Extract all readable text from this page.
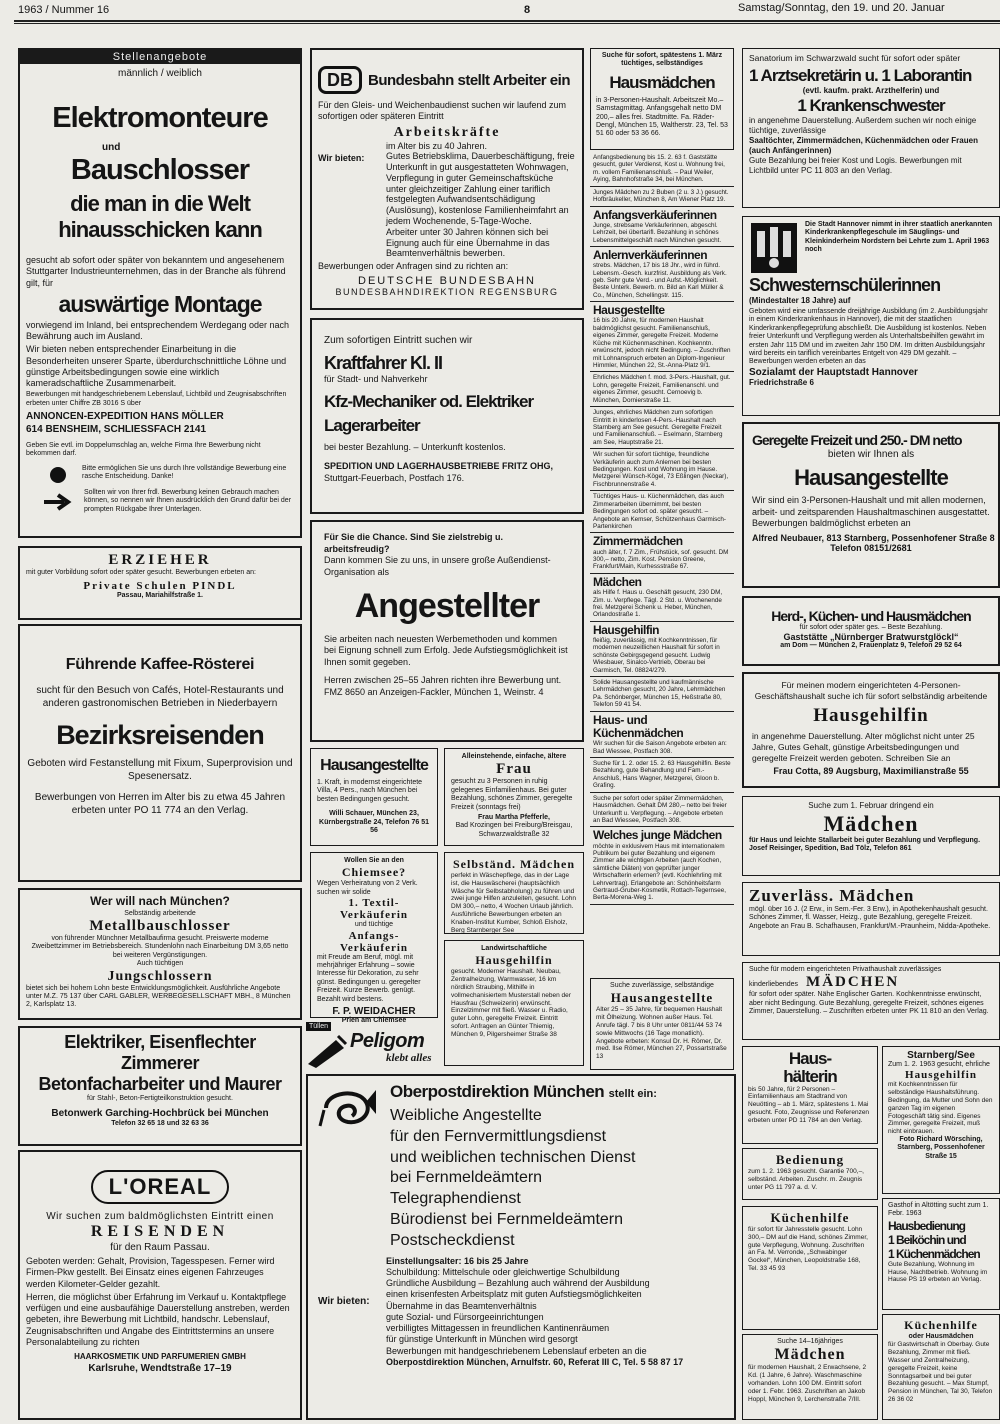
1963 / Nummer 16	8	Samstag/Sonntag, den 19. und 20. Januar
Stellenangebote
männlich / weiblich
Elektromonteure
und
Bauschlosser
die man in die Welt
hinausschicken kann
gesucht ab sofort oder später von bekanntem und angesehenem Stuttgarter Industrieunternehmen, das in der Branche als führend gilt, für
auswärtige Montage
vorwiegend im Inland, bei entsprechendem Werdegang oder nach Bewährung auch im Ausland.
Wir bieten neben entsprechender Einarbeitung in die Besonderheiten unserer Sparte, überdurchschnittliche Löhne und günstige Arbeitsbedingungen sowie eine wirklich kameradschaftliche Zusammenarbeit.
Bewerbungen mit handgeschriebenem Lebenslauf, Lichtbild und Zeugnisabschriften erbeten unter Chiffre ZB 3016 S über
ANNONCEN-EXPEDITION HANS MÖLLER
614 BENSHEIM, SCHLIESSFACH 2141
Geben Sie evtl. im Doppelumschlag an, welche Firma Ihre Bewerbung nicht bekommen darf.
Bitte ermöglichen Sie uns durch Ihre vollständige Bewerbung eine rasche Entscheidung. Danke!
Sollten wir von Ihrer frdl. Bewerbung keinen Gebrauch machen können, so nennen wir Ihnen ausdrücklich den Grund dafür bei der prompten Rückgabe Ihrer Unterlagen.
ERZIEHER
mit guter Vorbildung sofort oder später gesucht. Bewerbungen erbeten an:
Private Schulen PINDL
Passau, Mariahilfstraße 1.
Führende Kaffee-Rösterei
sucht für den Besuch von Cafés, Hotel-Restaurants und anderen gastronomischen Betrieben in Niederbayern
Bezirksreisenden
Geboten wird Festanstellung mit Fixum, Superprovision und Spesenersatz.
Bewerbungen von Herren im Alter bis zu etwa 45 Jahren erbeten unter PO 11 774 an den Verlag.
Wer will nach München?
Selbständig arbeitende
Metallbauschlosser
von führender Münchner Metallbaufirma gesucht. Preiswerte moderne Zweibettzimmer im Betriebsbereich. Stundenlohn nach Einarbeitung DM 3,65 netto bei weiteren Vergünstigungen.
Auch tüchtigen
Jungschlossern
bietet sich bei hohem Lohn beste Entwicklungsmöglichkeit. Ausführliche Angebote unter M.Z. 75 137 über CARL GABLER, WERBEGESELLSCHAFT MBH., 8 München 2, Karlsplatz 13.
Elektriker, Eisenflechter
Zimmerer
Betonfacharbeiter und Maurer
für Stahl-, Beton-Fertigteilkonstruktion gesucht.
Betonwerk Garching-Hochbrück bei München
Telefon 32 65 18 und 32 63 36
L'OREAL
Wir suchen zum baldmöglichsten Eintritt einen
REISENDEN
für den Raum Passau.
Geboten werden: Gehalt, Provision, Tagesspesen. Ferner wird Firmen-Pkw gestellt. Bei Einsatz eines eigenen Fahrzeuges werden Kilometer-Gelder gezahlt.
Herren, die möglichst über Erfahrung im Verkauf u. Kontaktpflege verfügen und eine ausbaufähige Dauerstellung anstreben, werden gebeten, ihre Bewerbung mit Lichtbild, handschr. Lebenslauf, Zeugnisabschriften und Angabe des Eintrittstermins an unsere Personalabteilung zu richten
HAARKOSMETIK UND PARFUMERIEN GMBH
Karlsruhe, Wendtstraße 17–19
DB	Bundesbahn stellt Arbeiter ein
Für den Gleis- und Weichenbaudienst suchen wir laufend zum sofortigen oder späteren Eintritt
Arbeitskräfte
Wir bieten:
im Alter bis zu 40 Jahren.
Gutes Betriebsklima, Dauerbeschäftigung, freie Unterkunft in gut ausgestatteten Wohnwagen, Verpflegung in guter Gemeinschaftsküche unter gleichzeitiger Zahlung einer tariflich festgelegten Aufwandsentschädigung (Auslösung), kostenlose Familienheimfahrt an jedem Wochenende, 5-Tage-Woche.
Arbeiter unter 30 Jahren können sich bei Eignung auch für eine Übernahme in das Beamtenverhältnis bewerben.
Bewerbungen oder Anfragen sind zu richten an:
DEUTSCHE BUNDESBAHN
BUNDESBAHNDIREKTION REGENSBURG
Zum sofortigen Eintritt suchen wir
Kraftfahrer Kl. II
für Stadt- und Nahverkehr
Kfz-Mechaniker od. Elektriker
Lagerarbeiter
bei bester Bezahlung. – Unterkunft kostenlos.
SPEDITION UND LAGERHAUSBETRIEBE FRITZ OHG,
Stuttgart-Feuerbach, Postfach 176.
Für Sie die Chance. Sind Sie zielstrebig u. arbeitsfreudig?
Dann kommen Sie zu uns, in unsere große Außendienst-Organisation als
Angestellter
Sie arbeiten nach neuesten Werbemethoden und kommen bei Eignung schnell zum Erfolg. Jede Aufstiegsmöglichkeit ist Ihnen somit gegeben.
Herren zwischen 25–55 Jahren richten ihre Bewerbung unt. FMZ 8650 an Anzeigen-Fackler, München 1, Weinstr. 4
Hausangestellte
1. Kraft, in modernst eingerichtete Villa, 4 Pers., nach München bei besten Bedingungen gesucht.
Willi Schauer, München 23, Kürnbergstraße 24, Telefon 76 51 56
Alleinstehende, einfache, ältere
Frau
gesucht zu 3 Personen in ruhig gelegenes Einfamilienhaus. Bei guter Bezahlung, schönes Zimmer, geregelte Freizeit (sonntags frei)
Frau Martha Pfefferle,
Bad Krozingen bei Freiburg/Breisgau, Schwarzwaldstraße 32
Wollen Sie an den
Chiemsee?
Wegen Verheiratung von 2 Verk. suchen wir solide
1. Textil-Verkäuferin
und tüchtige
Anfangs-Verkäuferin
mit Freude am Beruf, mögl. mit mehrjähriger Erfahrung – sowie Interesse für Dekoration, zu sehr günst. Bedingungen u. geregelter Freizeit. Kurze Bewerb. genügt. Bezahlt wird bestens.
F. P. WEIDACHER
Prien am Chiemsee
Selbständ. Mädchen
perfekt in Wäschepflege, das in der Lage ist, die Hauswäscherei (hauptsächlich Wäsche für Selbstabholung) zu führen und zwei junge Hilfen anzuleiten, gesucht. Lohn DM 300,– netto, 4 Wochen Urlaub jährlich. Ausführliche Bewerbungen erbeten an Knaben-Institut Kumber, Schloß Elsholz, Berg Starnberger See
Landwirtschaftliche
Hausgehilfin
gesucht. Moderner Haushalt. Neubau, Zentralheizung, Warmwasser, 16 km nördlich Straubing, Mithilfe in vollmechanisiertem Musterstall neben der Hausfrau (Schweizerin) erwünscht. Einzelzimmer mit fließ. Wasser u. Radio, guter Lohn, geregelte Freizeit. Eintritt sofort. Anfragen an Günter Thiemig, München 9, Pilgersheimer Straße 38
Tüllen
Peligom
klebt alles
Suche für sofort, spätestens 1. März tüchtiges, selbständiges
Hausmädchen
in 3-Personen-Haushalt. Arbeitszeit Mo.–Samstagmittag. Anfangsgehalt netto DM 200,– alles frei. Stadtmitte. Fa. Räder-Dengl, München 15, Waltherstr. 23, Tel. 53 51 60 oder 53 36 66.
Anfangsbedienung bis 15. 2. 63 f. Gaststätte gesucht, guter Verdienst, Kost u. Wohnung frei, m. vollem Familienanschluß. – Paul Weiler, Aying, Bahnhofstraße 34, bei München.
Junges Mädchen zu 2 Buben (2 u. 3 J.) gesucht. Hofbräukeller, München 8, Am Wiener Platz 19.
Anfangsverkäuferinnen
Junge, strebsame Verkäuferinnen, abgeschl. Lehrzeit, bei übertarifl. Bezahlung in schönes Lebensmittelgeschäft nach München gesucht.
Anlernverkäuferinnen
strebs. Mädchen, 17 bis 18 Jhr., wird in führd. Lebensm.-Gesch. kurzfrist. Ausbildung als Verk. geb. Sehr gute Verd.- und Aufst.-Möglichkeit. Beste Unterk. Bewerb. m. Bild an Karl Müller & Co., München, Schellingstr. 115.
Hausgestellte
16 bis 20 Jahre, für modernen Haushalt baldmöglichst gesucht. Familienanschluß, eigenes Zimmer, geregelte Freizeit. Moderne Küche mit Küchenmaschinen. Kochkenntn. erwünscht, jedoch nicht Bedingung. – Zuschriften mit Lohnanspruch erbeten an Diplom-Ingenieur Himmler, München 22, St.-Anna-Platz 9/1.
Ehrliches Mädchen f. mod. 3-Pers.-Haushalt, gut. Lohn, geregelte Freizeit, Familienanschl. und eigenes Zimmer, gesucht. Cernoevig b. München, Dornierstraße 11.
Junges, ehrliches Mädchen zum sofortigen Eintritt in kinderlosen 4-Pers.-Haushalt nach Starnberg am See gesucht. Geregelte Freizeit und Familienanschluß. – Eselmann, Starnberg am See, Hauptstraße 21.
Wir suchen für sofort tüchtige, freundliche Verkäuferin auch zum Anlernen bei besten Bedingungen. Kost und Wohnung im Hause. Metzgerei Wünsch-Kögel, 73 Eßlingen (Neckar), Fischbrunnenstraße 4.
Tüchtiges Haus- u. Küchenmädchen, das auch Zimmerarbeiten übernimmt, bei besten Bedingungen sofort od. später gesucht. – Angebote an Kemser, Schützenhaus Garmisch-Partenkirchen
Zimmermädchen
auch älter, f. 7 Zim., Frühstück, sof. gesucht. DM 300,– netto, Zim. Kost. Pension Greene, Frankfurt/Main, Kurhessstraße 67.
Mädchen
als Hilfe f. Haus u. Geschäft gesucht, 230 DM, Zim. u. Verpflege. Tägl. 2 Std. u. Wochenende frei. Metzgerei Schenk u. Heber, München, Orlandostraße 1.
Hausgehilfin
fleißig, zuverlässig, mit Kochkenntnissen, für modernen neuzeitlichen Haushalt für sofort in schönste Gebirgsgegend gesucht. Ludwig Wiesbauer, Sinalco-Vertrieb, Oberau bei Garmisch, Tel. 08824/279.
Solide Hausangestellte und kaufmännische Lehrmädchen gesucht, 20 Jahre, Lehrmädchen Pa. Schönberger, München 15, Heßstraße 80, Telefon 59 41 54.
Haus- und Küchenmädchen
Wir suchen für die Saison Angebote erbeten an: Bad Wiessee, Postfach 308.
Suche für 1. 2. oder 15. 2. 63 Hausgehilfin. Beste Bezahlung, gute Behandlung und Fam.-Anschluß, Hans Wagner, Metzgerei, Gloon b. Grafing.
Suche per sofort oder später Zimmermädchen, Hausmädchen. Gehalt DM 280,– netto bei freier Unterkunft u. Verpflegung. – Angebote erbeten an Bad Wiessee, Postfach 308.
Welches junge Mädchen
möchte in exklusivem Haus mit internationalem Publikum bei guter Bezahlung und eigenem Zimmer alle wichtigen Arbeiten (auch Kochen, sämtliche Diäten) von geprüfter junger Wirtschafterin erlernen? (evtl. Kochlehrling mit Lehrvertrag). Erlangebote an: Schönheitsfarm Gertraud-Gruber-Kosmetik, Rottach-Tegernsee, Berta-Morena-Weg 1.
Suche zuverlässige, selbständige
Hausangestellte
Alter 25 – 35 Jahre, für bequemen Haushalt mit Ölheizung. Wohnen außer Haus. Tel. Anrufe tägl. 7 bis 8 Uhr unter 0811/44 53 74 sowie Mittwochs (16 Tage monatlich). Angebote erbeten: Konsul Dr. H. Römer, Dr. med. Ilse Römer, München 27, Possartstraße 13
Oberpostdirektion München stellt ein:
Weibliche Angestellte
für den Fernvermittlungsdienst
und weiblichen technischen Dienst
bei Fernmeldeämtern
Telegraphendienst
Bürodienst bei Fernmeldeämtern
Postscheckdienst
Wir bieten:
Einstellungsalter: 16 bis 25 Jahre
Schulbildung: Mittelschule oder gleichwertige Schulbildung
Gründliche Ausbildung – Bezahlung auch während der Ausbildung
einen krisenfesten Arbeitsplatz mit guten Aufstiegsmöglichkeiten
Übernahme in das Beamtenverhältnis
gute Sozial- und Fürsorgeeinrichtungen
verbilligtes Mittagessen in freundlichen Kantinenräumen
für günstige Unterkunft in München wird gesorgt
Bewerbungen mit handgeschriebenem Lebenslauf erbeten an die
Oberpostdirektion München, Arnulfstr. 60, Referat III C, Tel. 5 58 87 17
Sanatorium im Schwarzwald sucht für sofort oder später
1 Arztsekretärin u. 1 Laborantin
(evtl. kaufm. prakt. Arzthelferin) und
1 Krankenschwester
in angenehme Dauerstellung. Außerdem suchen wir noch einige tüchtige, zuverlässige
Saaltöchter, Zimmermädchen, Küchenmädchen oder Frauen (auch Anfängerinnen)
Gute Bezahlung bei freier Kost und Logis. Bewerbungen mit Lichtbild unter PC 11 803 an den Verlag.
Die Stadt Hannover nimmt in ihrer staatlich anerkannten Kinderkrankenpflegeschule im Säuglings- und Kleinkinderheim Nordstern bei Lehrte zum 1. April 1963 noch
Schwesternschülerinnen
(Mindestalter 18 Jahre) auf
Geboten wird eine umfassende dreijährige Ausbildung (im 2. Ausbildungsjahr in einem Kinderkrankenhaus in Hannover), die mit der staatlichen Kinderkrankenpflegeprüfung abschließt. Die Ausbildung ist kostenlos. Neben freier Unterkunft und Verpflegung werden als Unterhaltsbeihilfen gewährt im ersten Jahr 115 DM und im zweiten Jahr 150 DM. Im dritten Ausbildungsjahr wird bereits ein tariflich vereinbartes Entgelt von 429 DM gezahlt. – Bewerbungen werden erbeten an das
Sozialamt der Hauptstadt Hannover
Friedrichstraße 6
Geregelte Freizeit und 250.- DM netto
bieten wir Ihnen als
Hausangestellte
Wir sind ein 3-Personen-Haushalt und mit allen modernen, arbeit- und zeitsparenden Haushaltmaschinen ausgestattet. Bewerbungen baldmöglichst erbeten an
Alfred Neubauer, 813 Starnberg, Possenhofener Straße 8
Telefon 08151/2681
Herd-, Küchen- und Hausmädchen
für sofort oder später ges. – Beste Bezahlung.
Gaststätte „Nürnberger Bratwurstglöckl“
am Dom — München 2, Frauenplatz 9, Telefon 29 52 64
Für meinen modern eingerichteten 4-Personen-Geschäftshaushalt suche ich für sofort selbständig arbeitende
Hausgehilfin
in angenehme Dauerstellung. Alter möglichst nicht unter 25 Jahre, Gutes Gehalt, günstige Arbeitsbedingungen und geregelte Freizeit werden geboten. Schreiben Sie an
Frau Cotta, 89 Augsburg, Maximilianstraße 55
Suche zum 1. Februar dringend ein
Mädchen
für Haus und leichte Stallarbeit bei guter Bezahlung und Verpflegung. Josef Reisinger, Spedition, Bad Tölz, Telefon 861
Zuverläss. Mädchen
mögl. über 16 J. (2 Erw., in Sem.-Fer. 3 Erw.), in Apothekenhaushalt gesucht. Schönes Zimmer, fl. Wasser, Heizg., gute Bezahlung, geregelte Freizeit. Angebote an Frau B. Schafhausen, Frankfurt/M.-Praunheim, Nidda-Apotheke.
Suche für modern eingerichteten Privathaushalt zuverlässiges
kinderliebendes MÄDCHEN
für sofort oder später. Nähe Englischer Garten. Kochkenntnisse erwünscht, aber nicht Bedingung. Gute Bezahlung, geregelte Freizeit, schönes eigenes Zimmer, Dauerstellung. – Zuschriften erbeten unter PK 11 810 an den Verlag.
Haus-hälterin
bis 50 Jahre, für 2 Personen – Einfamilienhaus am Stadtrand von Neuötting – ab 1. März, spätestens 1. Mai gesucht. Foto, Zeugnisse und Referenzen erbeten unter PD 11 784 an den Verlag.
Starnberg/See
Zum 1. 2. 1963 gesucht, ehrliche
Hausgehilfin
mit Kochkenntnissen für selbständige Haushaltsführung. Bedingung, da Mutter und Sohn den ganzen Tag im eigenen Fotogeschäft tätig sind. Eigenes Zimmer, geregelte Freizeit, muß nicht einbrauen.
Foto Richard Wörsching,
Starnberg, Possenhofener Straße 15
Bedienung
zum 1. 2. 1963 gesucht. Garantie 700,–, selbständ. Arbeiten. Zuschr. m. Zeugnis unter PG 11 797 a. d. V.
Gasthof in Altötting sucht zum 1. Febr. 1963
Hausbedienung
1 Beiköchin und
1 Küchenmädchen
Gute Bezahlung, Wohnung im Hause, Nachtbetrieb. Wohnung im Hause PS 19 erbeten an Verlag.
Küchenhilfe
für sofort für Jahresstelle gesucht. Lohn 300,– DM auf die Hand, schönes Zimmer, gute Verpflegung, Wohnung. Zuschriften an Fa. M. Verronde, „Schwabinger Gockel“, München, Leopoldstraße 168, Tel. 33 45 93
Küchenhilfe
oder Hausmädchen
für Gastwirtschaft in Oberbay. Gute Bezahlung, Zimmer mit fließ. Wasser und Zentralheizung, geregelte Freizeit, keine Sonntagsarbeit und bei guter Bezahlung gesucht. – Max Stumpf, Pension in München, Tal 30, Telefon 26 36 02
Suche 14–16jähriges
Mädchen
für modernen Haushalt, 2 Erwachsene, 2 Kd. (1 Jahre, 6 Jahre). Waschmaschine vorhanden. Lohn 100 DM. Eintritt sofort oder 1. Febr. 1963. Zuschriften an Jakob Hoppl, München 9, Lerchenstraße 7/III.
